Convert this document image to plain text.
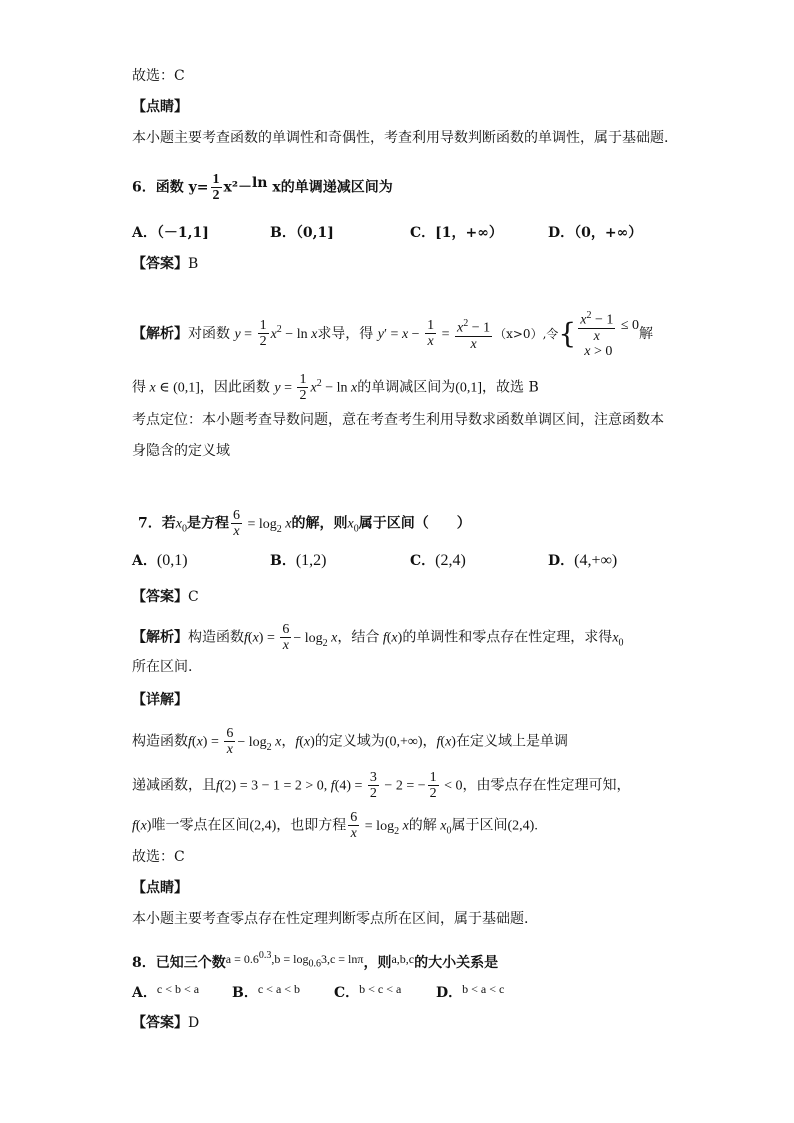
故选：C
【点睛】
本小题主要考查函数的单调性和奇偶性，考查利用导数判断函数的单调性，属于基础题.
6．函数 $y= \frac{1}{2} x^2-\ln$ x的单调递减区间为
A．（－1,1]	B．（0,1]	C．[1，+∞）	D．（0，+∞）
【答案】B
【解析】对函数 $y = \frac{1}{2} x^2 - \ln x$求导，得 $y' = x - \frac{1}{x} = \frac{x^2 - 1}{x} (x>0)$,令{ $\frac{x^2 - 1}{x} \le 0$
x > 0解
得 x ∈ (0,1]，因此函数 $y = \frac{1}{2} x^2 - \ln x$的单调减区间为(0,1]，故选 B
考点定位：本小题考查导数问题，意在考查考生利用导数求函数单调区间，注意函数本
身隐含的定义域
7．若$x_0$是方程 $\frac{6}{x} = \log_2 x$的解，则$x_0$属于区间（　　）
A．(0,1)	B．(1,2)	C．(2,4)	D．(4,+∞)
【答案】C
【解析】构造函数$f(x) = \frac{6}{x} - \log_2 x$，结合 f(x)的单调性和零点存在性定理，求得$x_0$
所在区间.
【详解】
构造函数$f(x) = \frac{6}{x} - \log_2 x$，f(x)的定义域为(0,+∞)，f(x)在定义域上是单调
递减函数，且f(2) = 3 − 1 = 2 > 0, $f(4) = \frac{3}{2} - 2$ = − $\frac{1}{2} < 0$，由零点存在性定理可知，
f(x)唯一零点在区间(2,4)，也即方程 $\frac{6}{x} = \log_2 x$的解 $x_0$属于区间(2,4).
故选：C
【点睛】
本小题主要考查零点存在性定理判断零点所在区间，属于基础题.
8．已知三个数$a = 0.6^{0.3},b = \log_{0.6}3,c = \ln\pi$，则a,b,c的大小关系是
A．c < b < a B．c < a < b C．b < c < a D．b < a < c
【答案】D
